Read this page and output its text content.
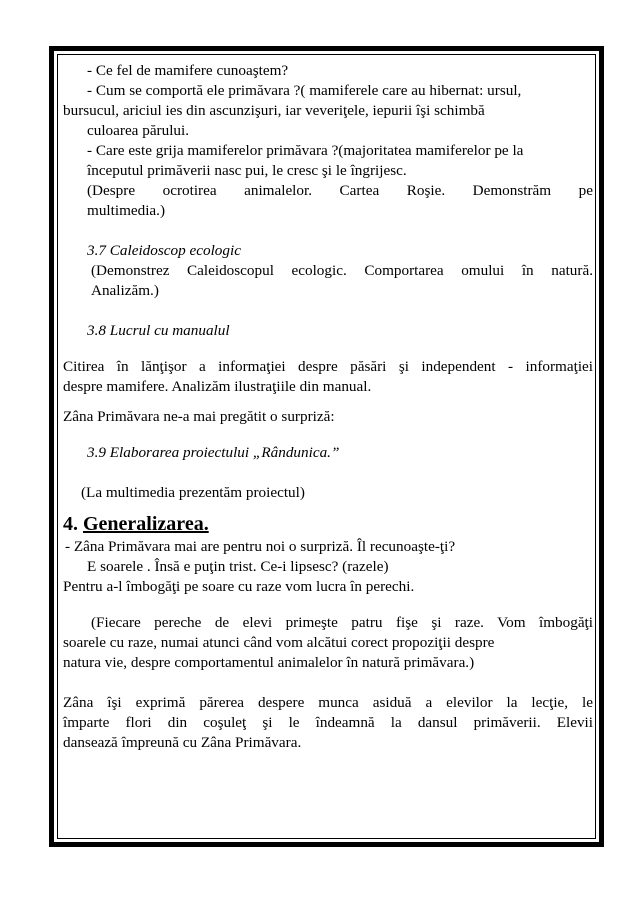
- Ce fel de mamifere cunoaştem?

- Cum se comportă ele primăvara ?( mamiferele care au hibernat: ursul,

bursucul, ariciul ies din ascunzişuri, iar veveriţele, iepurii îşi schimbă

culoarea părului.

- Care este grija mamiferelor primăvara ?(majoritatea mamiferelor pe la

începutul primăverii nasc pui, le cresc şi le îngrijesc.

(Despre ocrotirea animalelor. Cartea Roşie. Demonstrăm pe

multimedia.)

3.7 Caleidoscop ecologic

(Demonstrez Caleidoscopul ecologic. Comportarea omului în natură.

Analizăm.)

3.8 Lucrul cu manualul

Citirea în lănţişor a informaţiei despre păsări şi independent - informaţiei

despre mamifere. Analizăm ilustraţiile din manual.

Zâna Primăvara ne-a mai pregătit o surpriză:

3.9 Elaborarea proiectului „Rândunica.”

(La multimedia prezentăm proiectul)

4. Generalizarea.

- Zâna Primăvara mai are pentru noi o surpriză. Îl recunoaşte-ţi?

E soarele . Însă e puţin trist. Ce-i lipsesc? (razele)

Pentru a-l îmbogăţi pe soare cu raze vom lucra în perechi.

(Fiecare pereche de elevi primeşte patru fişe şi raze. Vom îmbogăţi

soarele cu raze, numai atunci când vom alcătui corect propoziţii despre

natura vie, despre comportamentul animalelor în natură primăvara.)

Zâna îşi exprimă părerea despere munca asiduă a elevilor la lecţie, le

împarte flori din coşuleţ şi le îndeamnă la dansul primăverii. Elevii

dansează împreună cu Zâna Primăvara.
